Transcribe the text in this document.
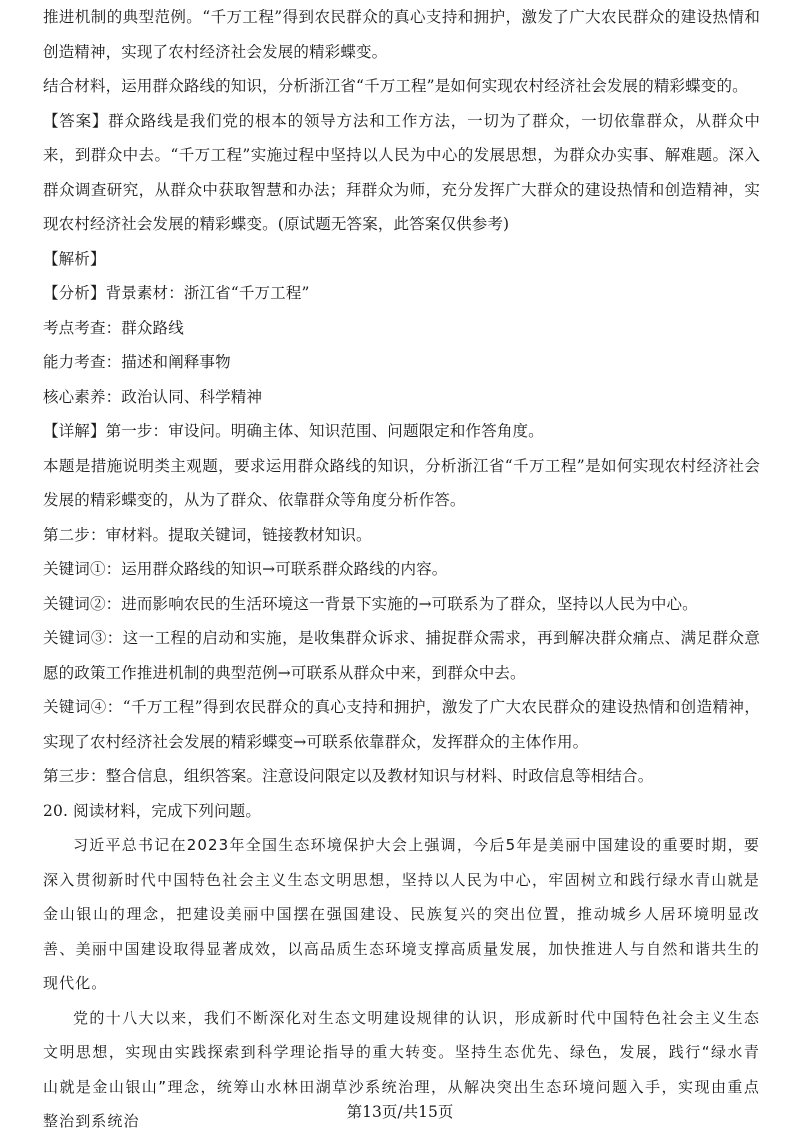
推进机制的典型范例。“千万工程”得到农民群众的真心支持和拥护，激发了广大农民群众的建设热情和创造精神，实现了农村经济社会发展的精彩蝶变。

结合材料，运用群众路线的知识，分析浙江省“千万工程”是如何实现农村经济社会发展的精彩蝶变的。

【答案】群众路线是我们党的根本的领导方法和工作方法，一切为了群众，一切依靠群众，从群众中来，到群众中去。“千万工程”实施过程中坚持以人民为中心的发展思想，为群众办实事、解难题。深入群众调查研究，从群众中获取智慧和办法；拜群众为师，充分发挥广大群众的建设热情和创造精神，实现农村经济社会发展的精彩蝶变。(原试题无答案，此答案仅供参考)

【解析】

【分析】背景素材：浙江省“千万工程”

考点考查：群众路线

能力考查：描述和阐释事物

核心素养：政治认同、科学精神

【详解】第一步：审设问。明确主体、知识范围、问题限定和作答角度。

本题是措施说明类主观题，要求运用群众路线的知识，分析浙江省“千万工程”是如何实现农村经济社会发展的精彩蝶变的，从为了群众、依靠群众等角度分析作答。

第二步：审材料。提取关键词，链接教材知识。

关键词①：运用群众路线的知识→可联系群众路线的内容。

关键词②：进而影响农民的生活环境这一背景下实施的→可联系为了群众，坚持以人民为中心。

关键词③：这一工程的启动和实施，是收集群众诉求、捕捉群众需求，再到解决群众痛点、满足群众意愿的政策工作推进机制的典型范例→可联系从群众中来，到群众中去。

关键词④：“千万工程”得到农民群众的真心支持和拥护，激发了广大农民群众的建设热情和创造精神，实现了农村经济社会发展的精彩蝶变→可联系依靠群众，发挥群众的主体作用。

第三步：整合信息，组织答案。注意设问限定以及教材知识与材料、时政信息等相结合。

20. 阅读材料，完成下列问题。

习近平总书记在2023年全国生态环境保护大会上强调，今后5年是美丽中国建设的重要时期，要深入贯彻新时代中国特色社会主义生态文明思想，坚持以人民为中心，牢固树立和践行绿水青山就是金山银山的理念，把建设美丽中国摆在强国建设、民族复兴的突出位置，推动城乡人居环境明显改善、美丽中国建设取得显著成效，以高品质生态环境支撑高质量发展，加快推进人与自然和谐共生的现代化。

党的十八大以来，我们不断深化对生态文明建设规律的认识，形成新时代中国特色社会主义生态文明思想，实现由实践探索到科学理论指导的重大转变。坚持生态优先、绿色，发展，践行“绿水青山就是金山银山”理念，统筹山水林田湖草沙系统治理，从解决突出生态环境问题入手，实现由重点整治到系统治	第13页/共15页
